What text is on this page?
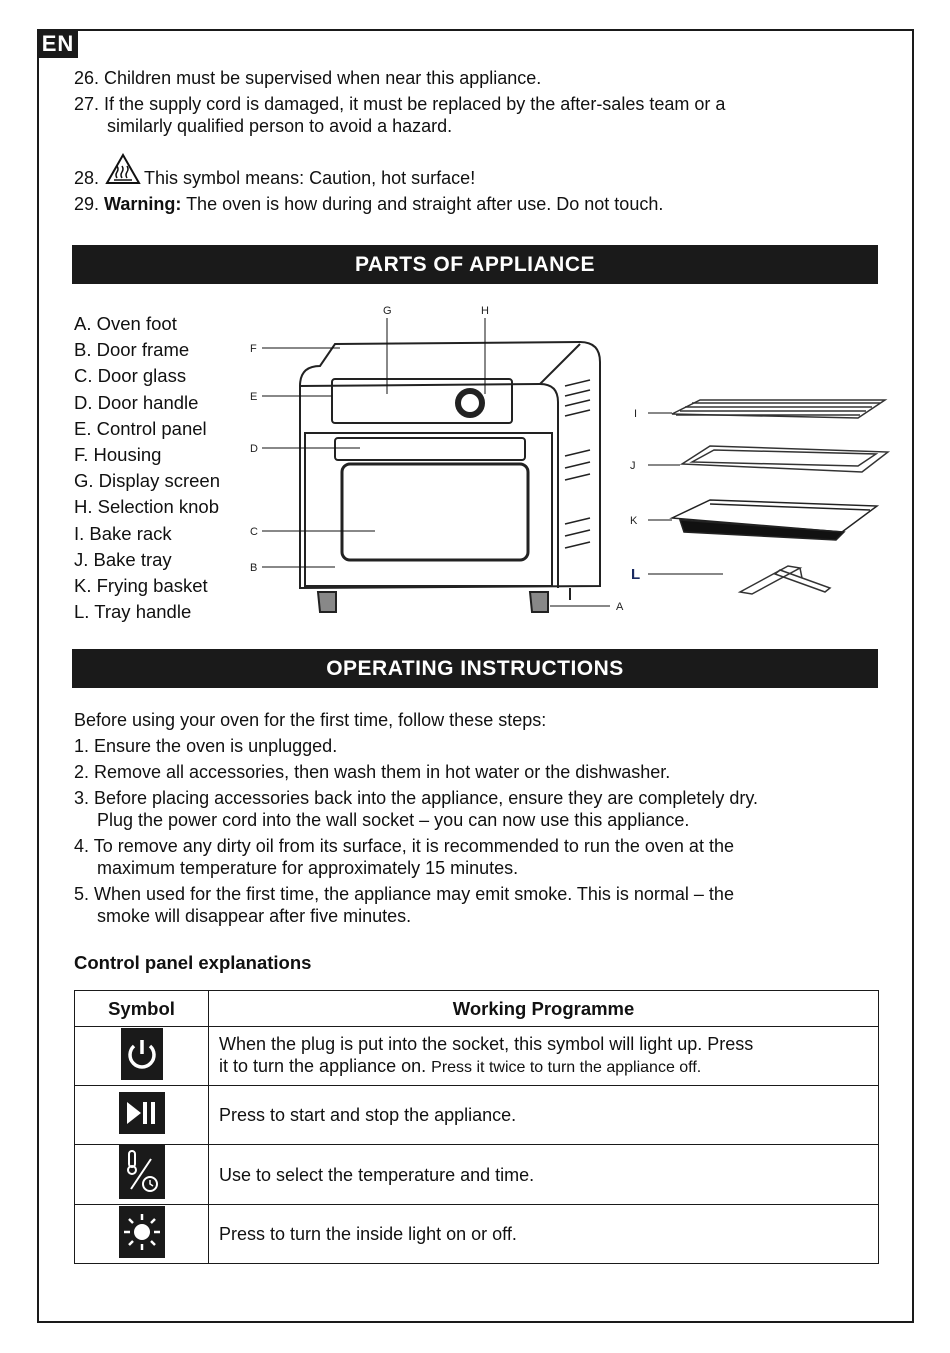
EN
26. Children must be supervised when near this appliance.
27. If the supply cord is damaged, it must be replaced by the after-sales team or a
similarly qualified person to avoid a hazard.
28.	This symbol means: Caution, hot surface!
29. Warning: The oven is how during and straight after use. Do not touch.
PARTS OF APPLIANCE
A. Oven foot
B. Door frame
C. Door glass
D. Door handle
E. Control panel
F. Housing
G. Display screen
H. Selection knob
I. Bake rack
J. Bake tray
K. Frying basket
L. Tray handle
F
E
D
C
B
G	H
A
I
J
K
L
OPERATING INSTRUCTIONS
Before using your oven for the first time, follow these steps:
1. Ensure the oven is unplugged.
2. Remove all accessories, then wash them in hot water or the dishwasher.
3. Before placing accessories back into the appliance, ensure they are completely dry.
Plug the power cord into the wall socket – you can now use this appliance.
4. To remove any dirty oil from its surface, it is recommended to run the oven at the
maximum temperature for approximately 15 minutes.
5. When used for the first time, the appliance may emit smoke. This is normal – the
smoke will disappear after five minutes.
Control panel explanations
Symbol	Working Programme

When the plug is put into the socket, this symbol will light up. Press
it to turn the appliance on. Press it twice to turn the appliance off.

Press to start and stop the appliance.

Use to select the temperature and time.

Press to turn the inside light on or off.
